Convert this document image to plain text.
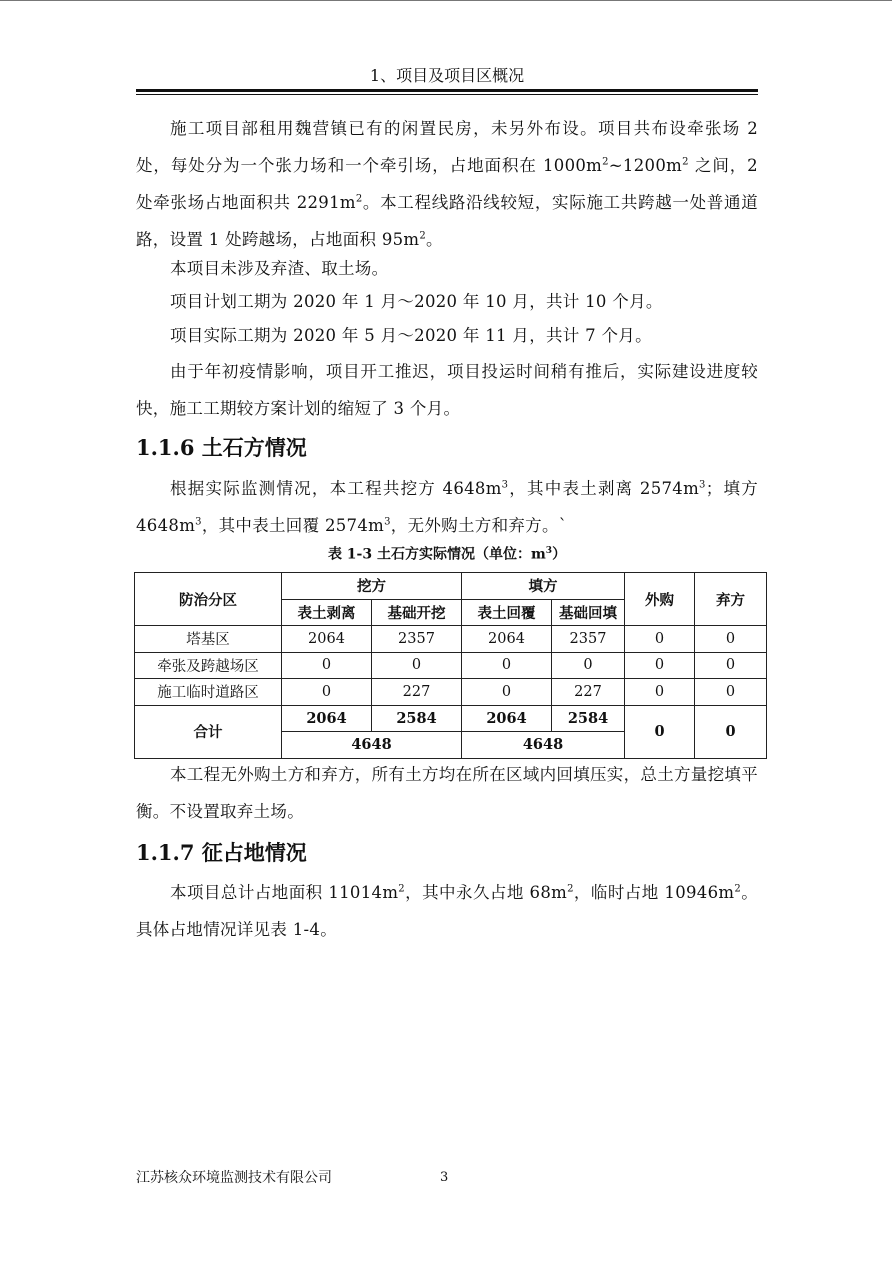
1、项目及项目区概况
施工项目部租用魏营镇已有的闲置民房，未另外布设。项目共布设牵张场 2 处，每处分为一个张力场和一个牵引场，占地面积在 $1000m^2\sim 1200m^2$ 之间，2 处牵张场占地面积共 $2291m^2$。本工程线路沿线较短，实际施工共跨越一处普通道路，设置 1 处跨越场，占地面积 $95m^2$。
本项目未涉及弃渣、取土场。
项目计划工期为 2020 年 1 月～2020 年 10 月，共计 10 个月。
项目实际工期为 2020 年 5 月～2020 年 11 月，共计 7 个月。
由于年初疫情影响，项目开工推迟，项目投运时间稍有推后，实际建设进度较快，施工工期较方案计划的缩短了 3 个月。
1.1.6 土石方情况
根据实际监测情况，本工程共挖方 $4648m^3$，其中表土剥离 $2574m^3$；填方 $4648m^3$，其中表土回覆 $2574m^3$，无外购土方和弃方。`
表 1-3 土石方实际情况（单位：$m^3$）
防治分区	挖方		填方		外购	弃方
	表土剥离	基础开挖	表土回覆	基础回填		
塔基区	2064	2357	2064	2357	0	0
牵张及跨越场区	0	0	0	0	0	0
施工临时道路区	0	227	0	227	0	0
合计	2064	2584	2064	2584	0	0
	4648		4648			
本工程无外购土方和弃方，所有土方均在所在区域内回填压实，总土方量挖填平衡。不设置取弃土场。
1.1.7 征占地情况
本项目总计占地面积 $11014m^2$，其中永久占地 $68m^2$，临时占地 $10946m^2$。具体占地情况详见表 1-4。
江苏核众环境监测技术有限公司	3
